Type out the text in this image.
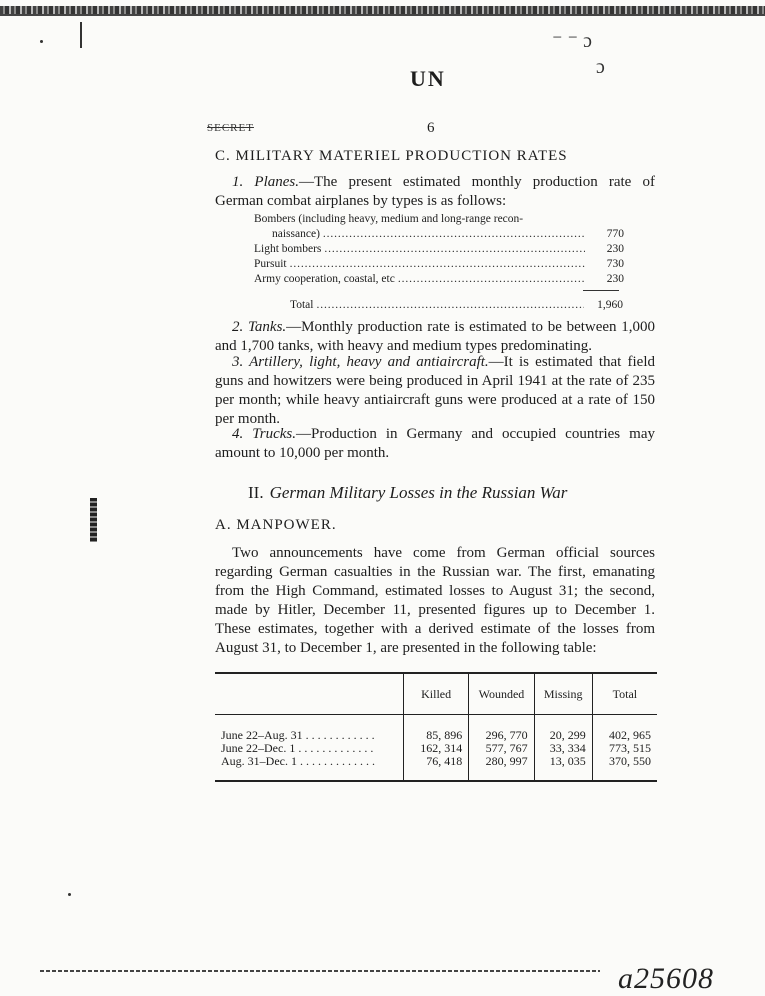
⁻ ⁻ ɔ
ɔ
UN
SECRET	6
C. MILITARY MATERIEL PRODUCTION RATES
1. Planes.—The present estimated monthly production rate of German combat airplanes by types is as follows:
Bombers (including heavy, medium and long-range recon-
naissance) . . .	770
Light bombers . . .	230
Pursuit . . .	730
Army cooperation, coastal, etc . . .	230
Total . . .	1,960
2. Tanks.—Monthly production rate is estimated to be between 1,000 and 1,700 tanks, with heavy and medium types predominating.
3. Artillery, light, heavy and antiaircraft.—It is estimated that field guns and howitzers were being produced in April 1941 at the rate of 235 per month; while heavy antiaircraft guns were produced at a rate of 150 per month.
4. Trucks.—Production in Germany and occupied countries may amount to 10,000 per month.
II. German Military Losses in the Russian War
A. MANPOWER.
Two announcements have come from German official sources regarding German casualties in the Russian war. The first, emanating from the High Command, estimated losses to August 31; the second, made by Hitler, December 11, presented figures up to December 1. These estimates, together with a derived estimate of the losses from August 31, to December 1, are presented in the following table:
	Killed	Wounded	Missing	Total

June 22–Aug. 31 . . . . . . . . . . . .	85, 896	296, 770	20, 299	402, 965
June 22–Dec. 1 . . . . . . . . . . . . .	162, 314	577, 767	33, 334	773, 515
Aug. 31–Dec. 1 . . . . . . . . . . . . .	76, 418	280, 997	13, 035	370, 550

a25608
